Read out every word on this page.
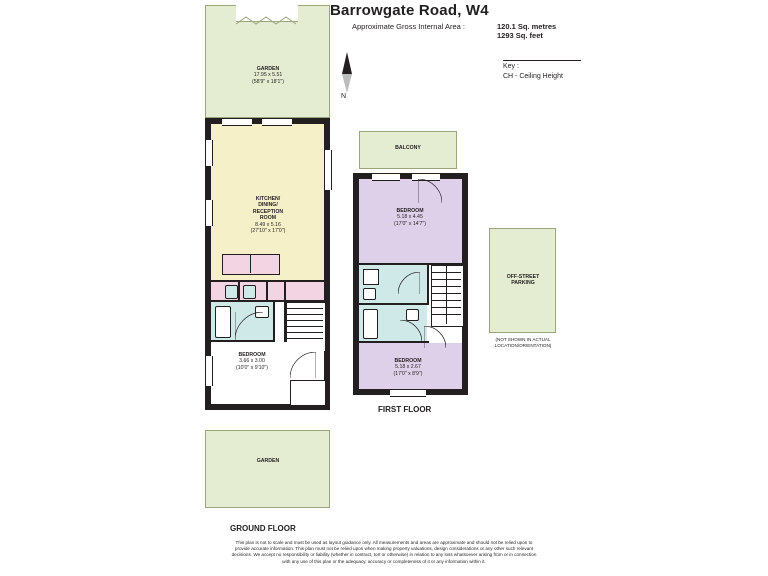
Barrowgate Road, W4
Approximate Gross Internal Area :	120.1 Sq. metres
1293 Sq. feet
Key :
CH - Ceiling Height
N
GARDEN
17.95 x 5.51
(58'9" x 18'1")
KITCHEN/
DINING/
RECEPTION
ROOM
8.49 x 5.16
(27'10" x 17'0")
BEDROOM
3.66 x 3.00
(10'0" x 9'10")
GARDEN
GROUND FLOOR
BALCONY
BEDROOM
5.18 x 4.45
(17'0" x 14'7")
BEDROOM
5.18 x 2.67
(17'0" x 8'9")
FIRST FLOOR
OFF-STREET
PARKING
(NOT SHOWN IN ACTUAL
LOCATION/ORIENTATION)
This plan is not to scale and must be used as layout guidance only. All measurements and areas are approximate and should not be relied upon to provide accurate information. This plan must not be relied upon when making property valuations, design considerations or any other such relevant decisions. We accept no responsibility or liability (whether in contract, tort or otherwise) in relation to any loss whatsoever arising from or in connection with any use of this plan or the adequacy, accuracy or completeness of it or any information within it.
